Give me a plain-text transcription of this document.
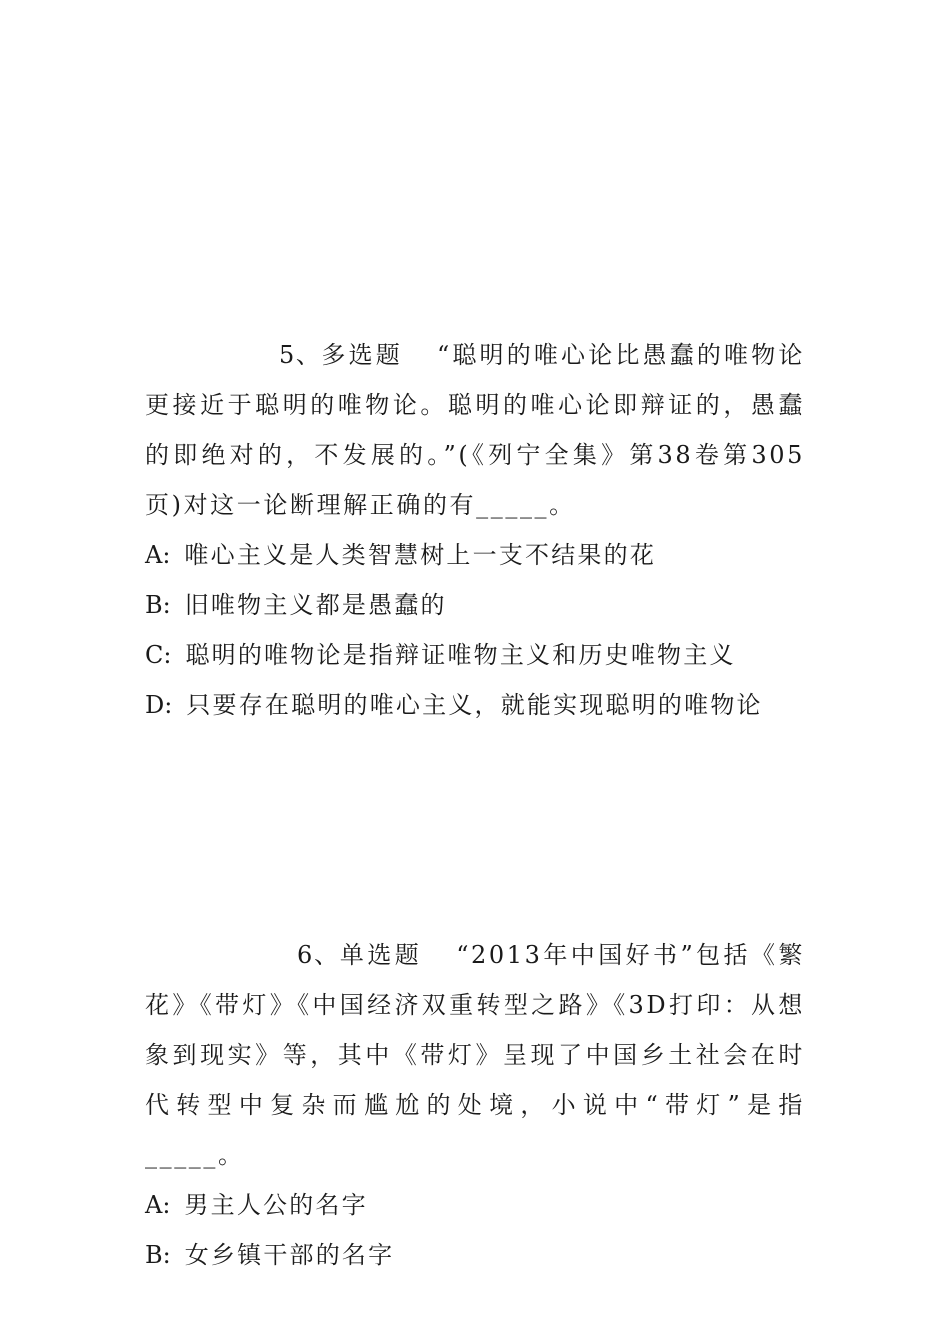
5、多选题 “聪明的唯心论比愚蠢的唯物论更接近于聪明的唯物论。聪明的唯心论即辩证的，愚蠢的即绝对的，不发展的。”(《列宁全集》第38卷第305页)对这一论断理解正确的有_____。

A: 唯心主义是人类智慧树上一支不结果的花

B: 旧唯物主义都是愚蠢的

C: 聪明的唯物论是指辩证唯物主义和历史唯物主义

D: 只要存在聪明的唯心主义，就能实现聪明的唯物论

6、单选题 “2013年中国好书”包括《繁花》《带灯》《中国经济双重转型之路》《3D打印：从想象到现实》等，其中《带灯》呈现了中国乡土社会在时代转型中复杂而尴尬的处境，小说中“带灯”是指_____。

A: 男主人公的名字

B: 女乡镇干部的名字
